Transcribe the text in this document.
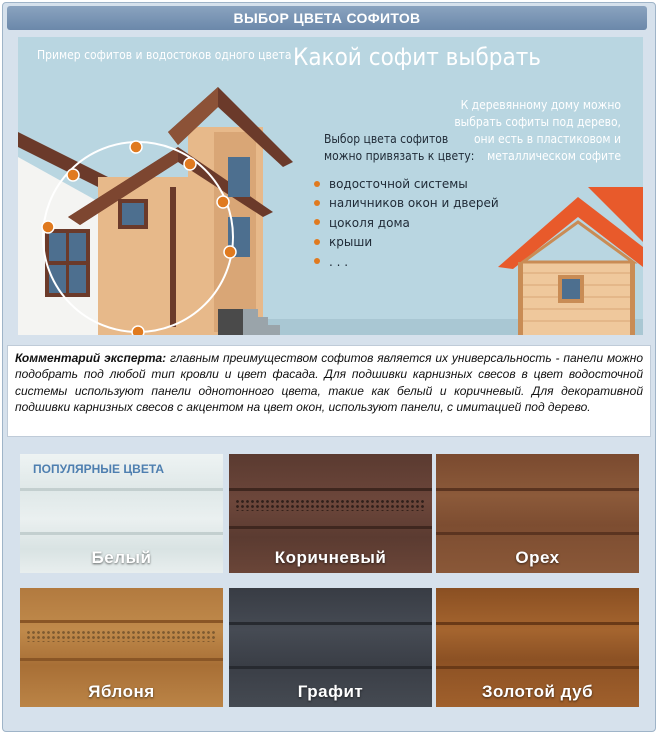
ВЫБОР ЦВЕТА СОФИТОВ
Пример софитов и водостоков одного цвета Какой софит выбрать
К деревянному дому можно
выбрать софиты под дерево,
они есть в пластиковом и
металлическом софите
Выбор цвета софитов
можно привязать к цвету:
водосточной системы
наличников окон и дверей
цоколя дома
крыши
. . .
Комментарий эксперта: главным преимуществом софитов является их универсальность - панели можно подобрать под любой тип кровли и цвет фасада. Для подшивки карнизных свесов в цвет водосточной системы используют панели однотонного цвета, такие как белый и коричневый. Для декоративной подшивки карнизных свесов с акцентом на цвет окон, используют панели, с имитацией под дерево.
ПОПУЛЯРНЫЕ ЦВЕТА
Белый	Коричневый	Орех
Яблоня	Графит	Золотой дуб
